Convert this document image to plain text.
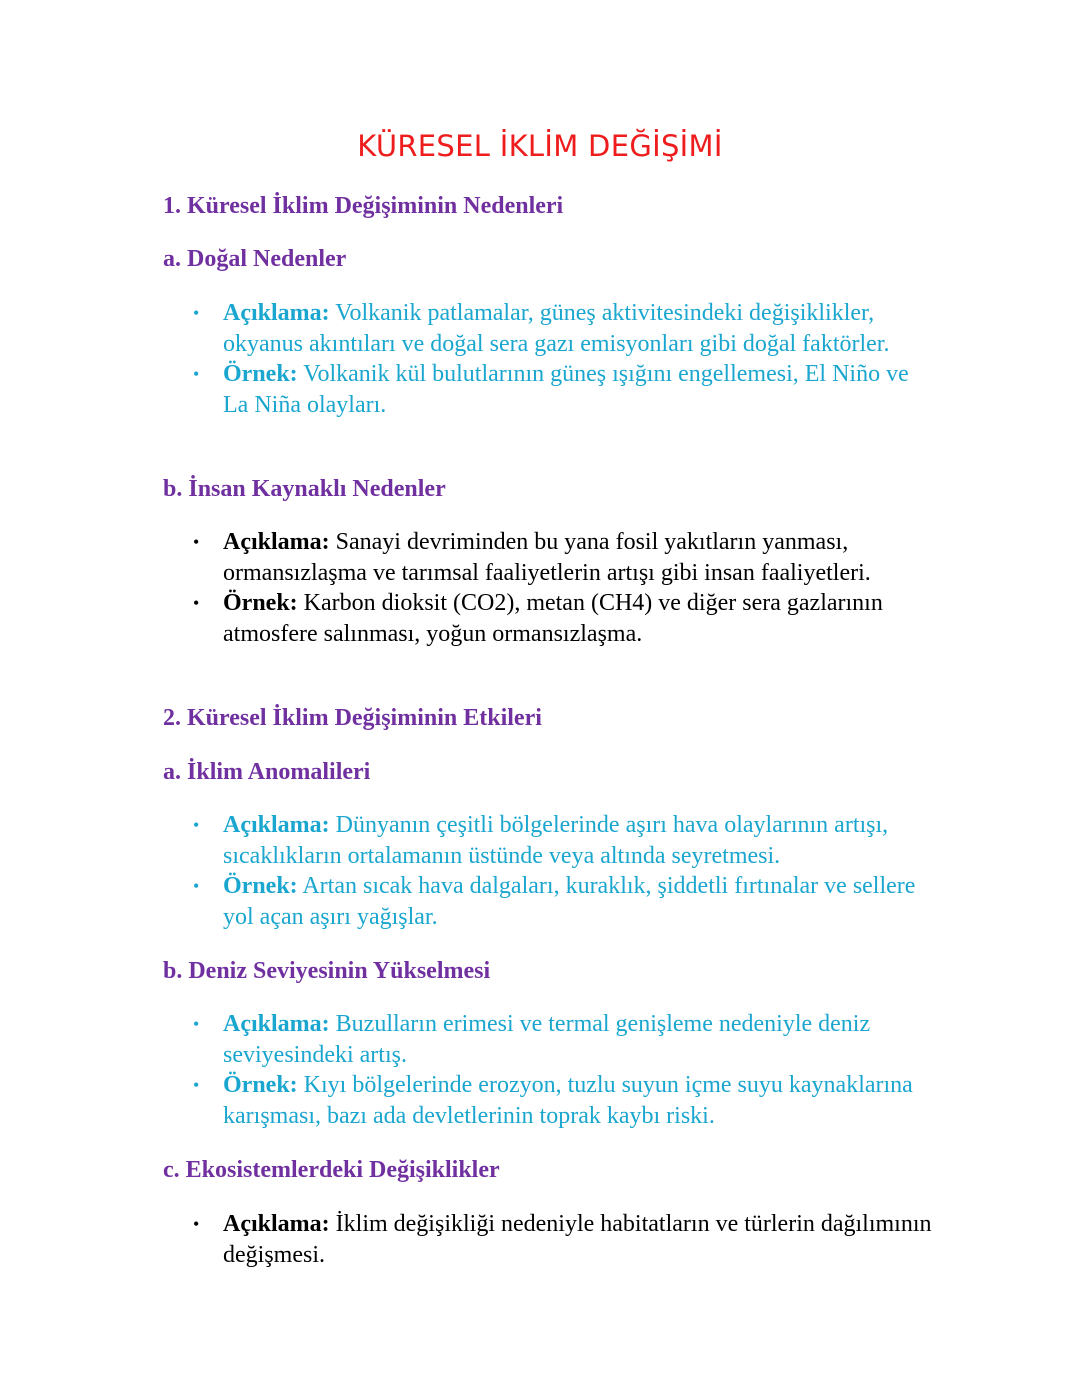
KÜRESEL İKLİM DEĞİŞİMİ
1. Küresel İklim Değişiminin Nedenleri
a. Doğal Nedenler
• Açıklama: Volkanik patlamalar, güneş aktivitesindeki değişiklikler, okyanus akıntıları ve doğal sera gazı emisyonları gibi doğal faktörler.
• Örnek: Volkanik kül bulutlarının güneş ışığını engellemesi, El Niño ve La Niña olayları.
b. İnsan Kaynaklı Nedenler
• Açıklama: Sanayi devriminden bu yana fosil yakıtların yanması, ormansızlaşma ve tarımsal faaliyetlerin artışı gibi insan faaliyetleri.
• Örnek: Karbon dioksit (CO2), metan (CH4) ve diğer sera gazlarının atmosfere salınması, yoğun ormansızlaşma.
2. Küresel İklim Değişiminin Etkileri
a. İklim Anomalileri
• Açıklama: Dünyanın çeşitli bölgelerinde aşırı hava olaylarının artışı, sıcaklıkların ortalamanın üstünde veya altında seyretmesi.
• Örnek: Artan sıcak hava dalgaları, kuraklık, şiddetli fırtınalar ve sellere yol açan aşırı yağışlar.
b. Deniz Seviyesinin Yükselmesi
• Açıklama: Buzulların erimesi ve termal genişleme nedeniyle deniz seviyesindeki artış.
• Örnek: Kıyı bölgelerinde erozyon, tuzlu suyun içme suyu kaynaklarına karışması, bazı ada devletlerinin toprak kaybı riski.
c. Ekosistemlerdeki Değişiklikler
• Açıklama: İklim değişikliği nedeniyle habitatların ve türlerin dağılımının değişmesi.
